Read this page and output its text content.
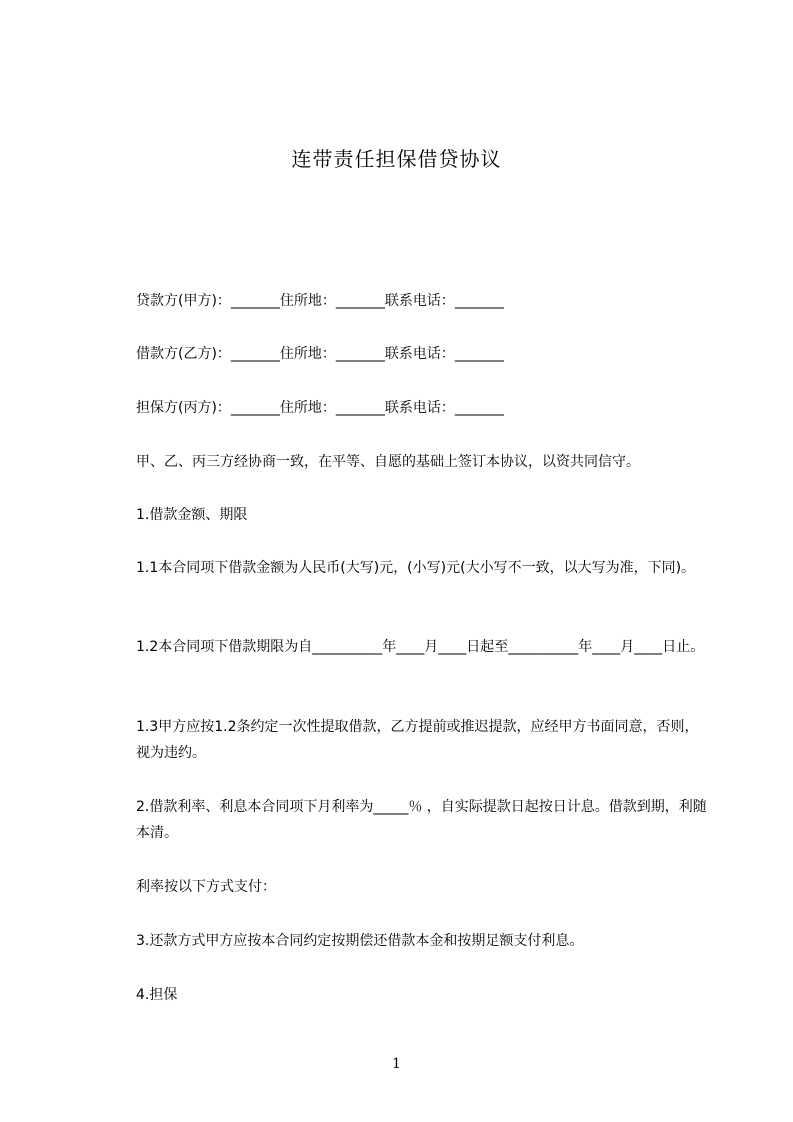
连带责任担保借贷协议
贷款方(甲方)：_______住所地：_______联系电话：_______
借款方(乙方)：_______住所地：_______联系电话：_______
担保方(丙方)：_______住所地：_______联系电话：_______
甲、乙、丙三方经协商一致，在平等、自愿的基础上签订本协议，以资共同信守。
1.借款金额、期限
1.1本合同项下借款金额为人民币(大写)元，(小写)元(大小写不一致，以大写为准，下同)。
1.2本合同项下借款期限为自__________年____月____日起至__________年____月____日止。
1.3甲方应按1.2条约定一次性提取借款，乙方提前或推迟提款，应经甲方书面同意，否则，视为违约。
2.借款利率、利息本合同项下月利率为_____％ ，自实际提款日起按日计息。借款到期，利随本清。
利率按以下方式支付：
3.还款方式甲方应按本合同约定按期偿还借款本金和按期足额支付利息。
4.担保
1
